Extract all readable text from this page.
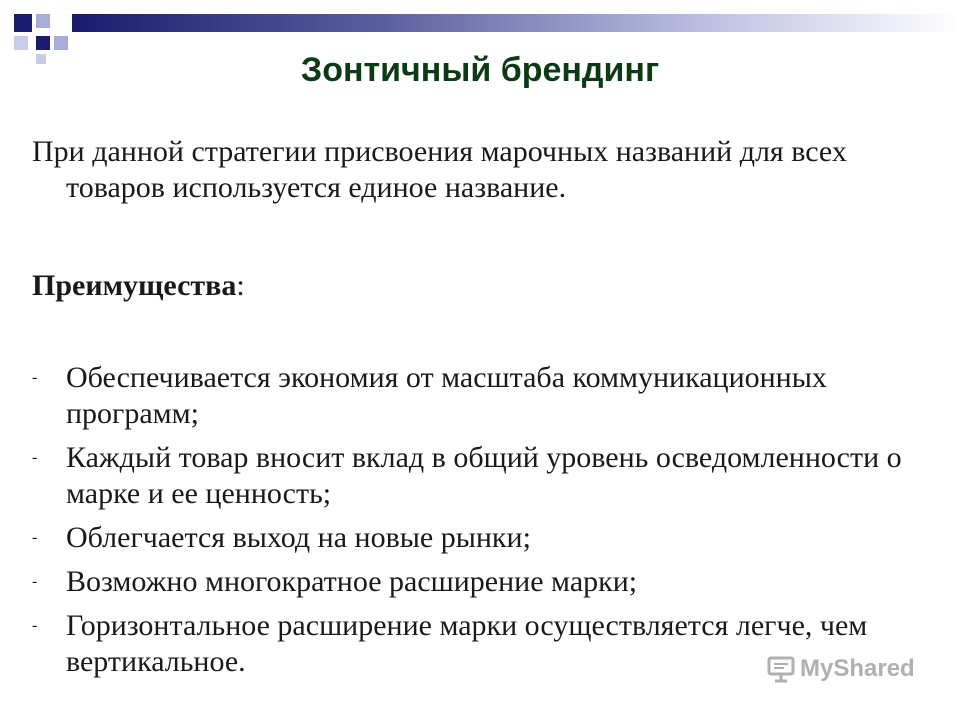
Зонтичный брендинг

При данной стратегии присвоения марочных названий для всех товаров используется единое название.

Преимущества:

- Обеспечивается экономия от масштаба коммуникационных программ;
- Каждый товар вносит вклад в общий уровень осведомленности о марке и ее ценность;
- Облегчается выход на новые рынки;
- Возможно многократное расширение марки;
- Горизонтальное расширение марки осуществляется легче, чем вертикальное.	MyShared
